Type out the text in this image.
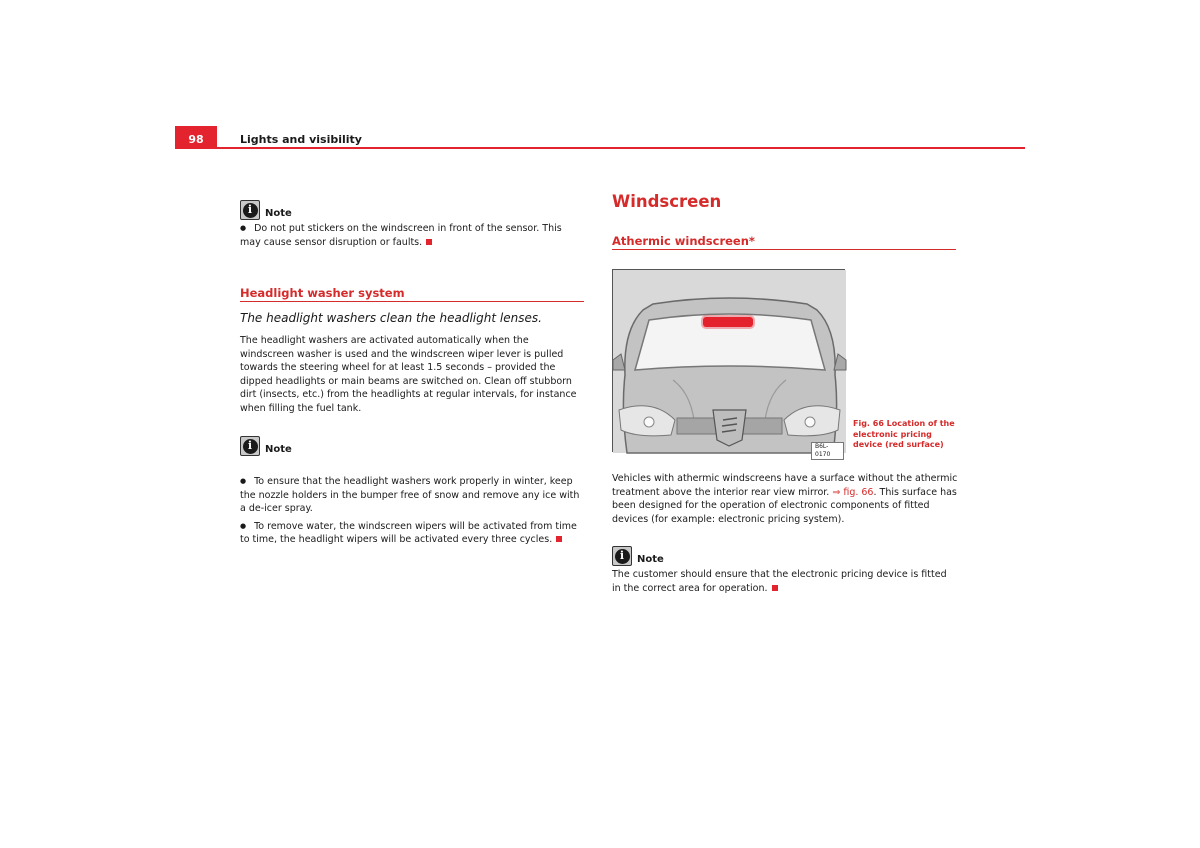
98	Lights and visibility
i	Note

● Do not put stickers on the windscreen in front of the sensor. This may cause sensor disruption or faults.

Headlight washer system

The headlight washers clean the headlight lenses.

The headlight washers are activated automatically when the windscreen washer is used and the windscreen wiper lever is pulled towards the steering wheel for at least 1.5 seconds – provided the dipped headlights or main beams are switched on. Clean off stubborn dirt (insects, etc.) from the headlights at regular intervals, for instance when filling the fuel tank.

i	Note

● To ensure that the headlight washers work properly in winter, keep the nozzle holders in the bumper free of snow and remove any ice with a de-icer spray.

● To remove water, the windscreen wipers will be activated from time to time, the headlight wipers will be activated every three cycles.

Windscreen
Athermic windscreen*
B6L-0170
Fig. 66 Location of the electronic pricing device (red surface)

Vehicles with athermic windscreens have a surface without the athermic treatment above the interior rear view mirror. ⇒ fig. 66. This surface has been designed for the operation of electronic components of fitted devices (for example: electronic pricing system).

i	Note

The customer should ensure that the electronic pricing device is fitted in the correct area for operation.
